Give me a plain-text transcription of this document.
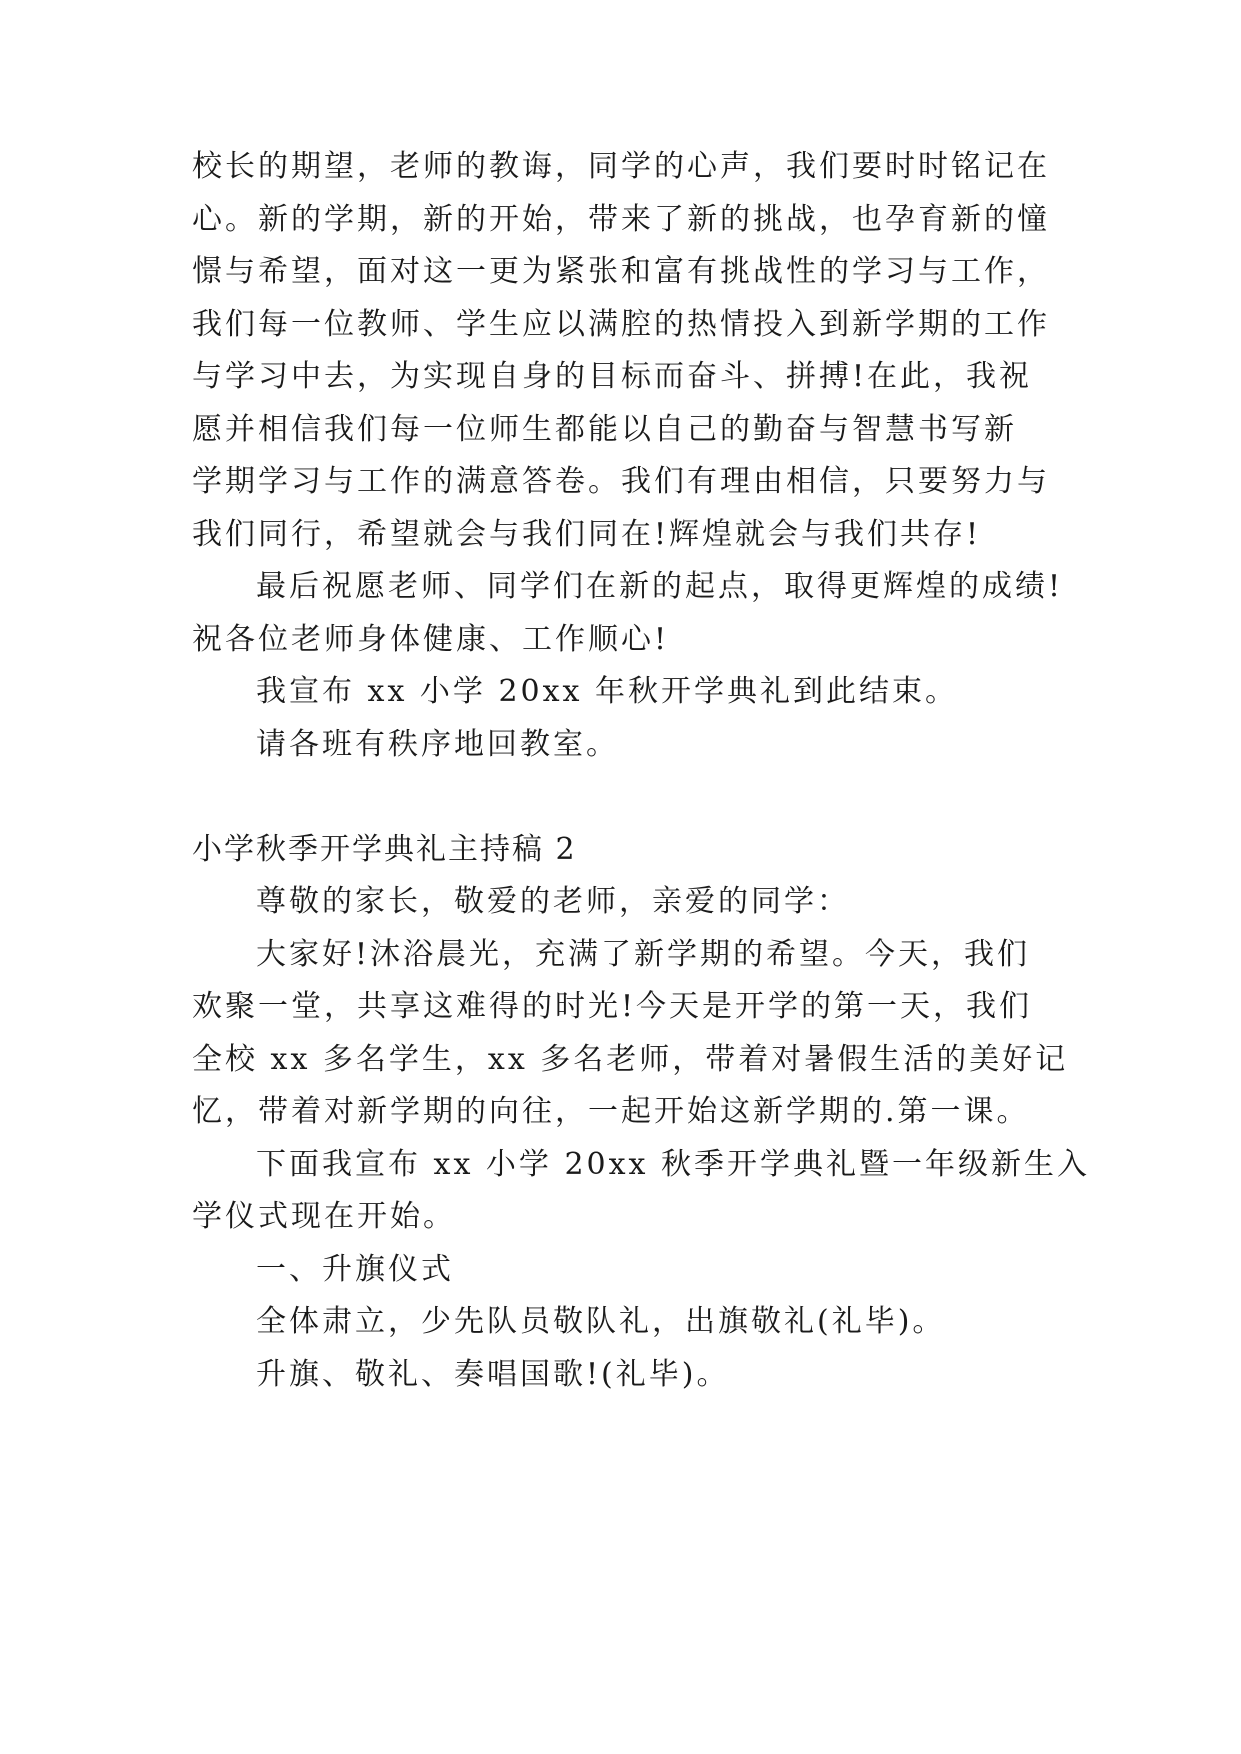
校长的期望，老师的教诲，同学的心声，我们要时时铭记在
心。新的学期，新的开始，带来了新的挑战，也孕育新的憧
憬与希望，面对这一更为紧张和富有挑战性的学习与工作，
我们每一位教师、学生应以满腔的热情投入到新学期的工作
与学习中去，为实现自身的目标而奋斗、拼搏!在此，我祝
愿并相信我们每一位师生都能以自己的勤奋与智慧书写新
学期学习与工作的满意答卷。我们有理由相信，只要努力与
我们同行，希望就会与我们同在!辉煌就会与我们共存!
最后祝愿老师、同学们在新的起点，取得更辉煌的成绩!
祝各位老师身体健康、工作顺心!
我宣布 xx 小学 20xx 年秋开学典礼到此结束。
请各班有秩序地回教室。
小学秋季开学典礼主持稿 2
尊敬的家长，敬爱的老师，亲爱的同学：
大家好!沐浴晨光，充满了新学期的希望。今天，我们
欢聚一堂，共享这难得的时光!今天是开学的第一天，我们
全校 xx 多名学生，xx 多名老师，带着对暑假生活的美好记
忆，带着对新学期的向往，一起开始这新学期的.第一课。
下面我宣布 xx 小学 20xx 秋季开学典礼暨一年级新生入
学仪式现在开始。
一、升旗仪式
全体肃立，少先队员敬队礼，出旗敬礼(礼毕)。
升旗、敬礼、奏唱国歌!(礼毕)。
